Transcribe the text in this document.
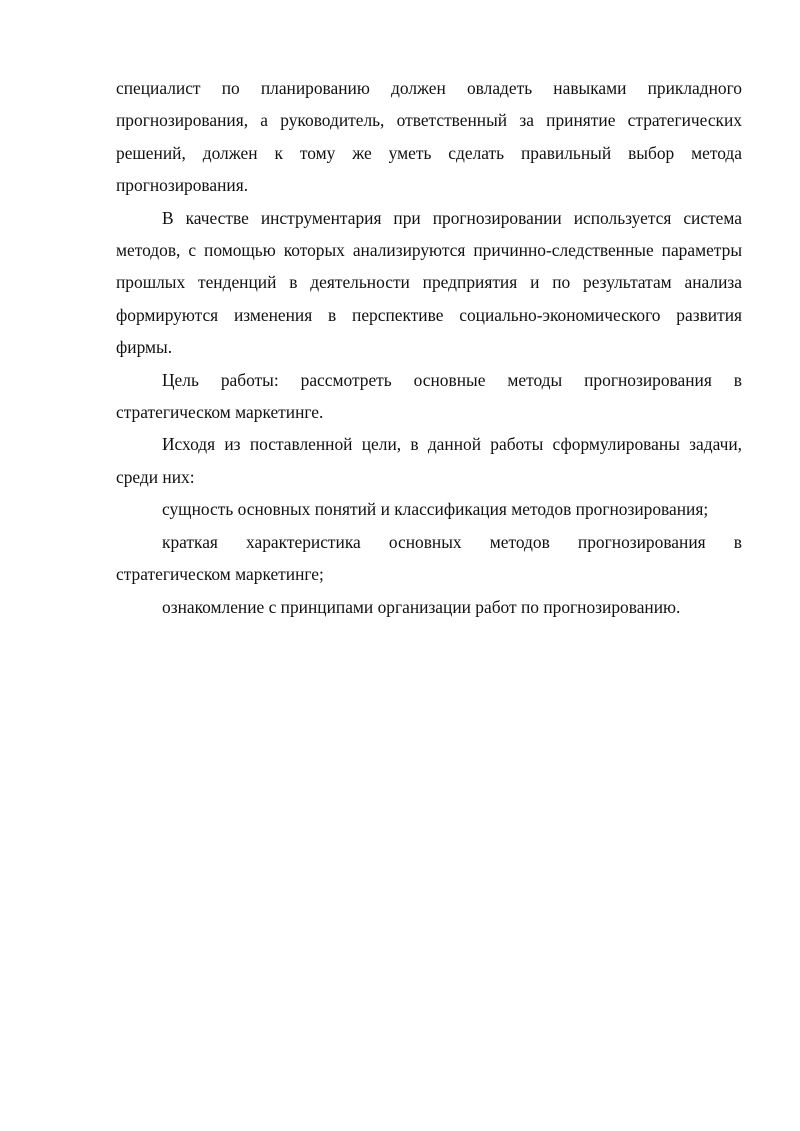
специалист по планированию должен овладеть навыками прикладного прогнозирования, а руководитель, ответственный за принятие стратегических решений, должен к тому же уметь сделать правильный выбор метода прогнозирования.

В качестве инструментария при прогнозировании используется система методов, с помощью которых анализируются причинно-следственные параметры прошлых тенденций в деятельности предприятия и по результатам анализа формируются изменения в перспективе социально-экономического развития фирмы.

Цель работы: рассмотреть основные методы прогнозирования в стратегическом маркетинге.

Исходя из поставленной цели, в данной работы сформулированы задачи, среди них:

сущность основных понятий и классификация методов прогнозирования;

краткая характеристика основных методов прогнозирования в стратегическом маркетинге;

ознакомление с принципами организации работ по прогнозированию.
